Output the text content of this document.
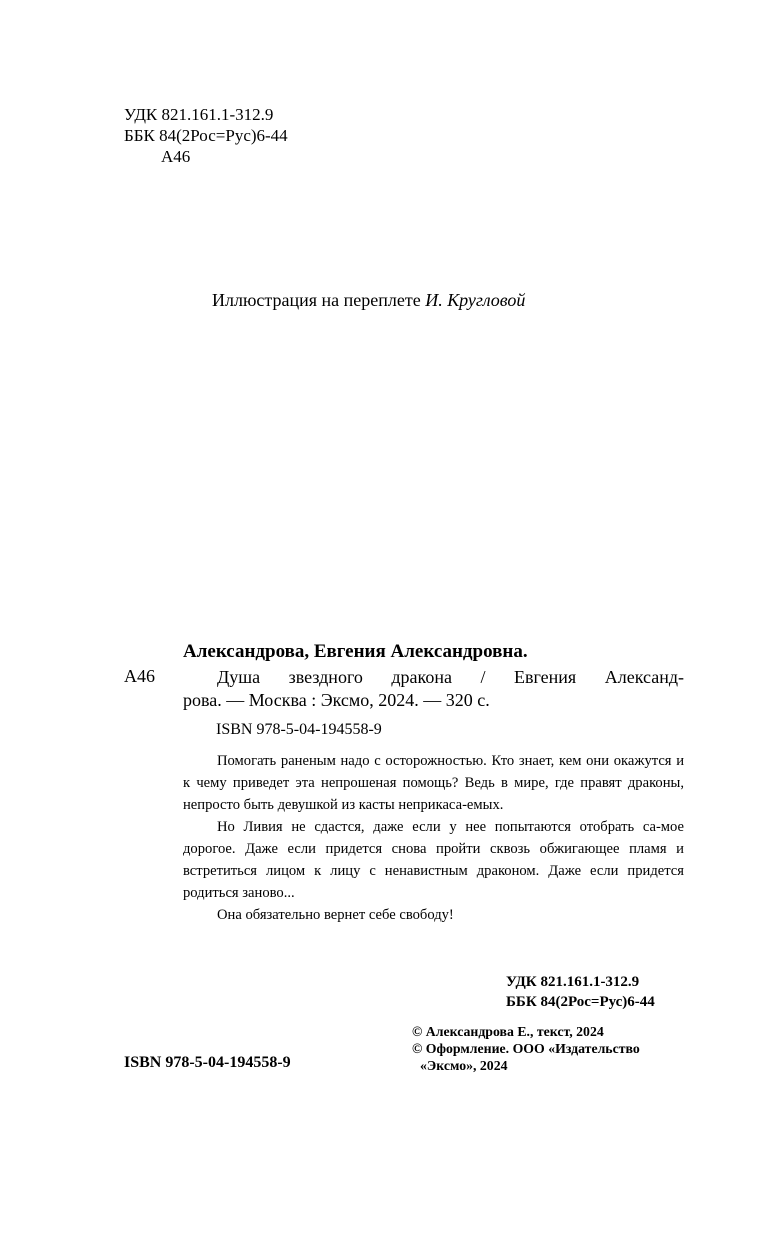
УДК 821.161.1-312.9
ББК 84(2Рос=Рус)6-44
А46
Иллюстрация на переплете И. Кругловой
Александрова, Евгения Александровна.
А46	Душа звездного дракона / Евгения Александ-
рова. — Москва : Эксмо, 2024. — 320 с.
ISBN 978-5-04-194558-9

Помогать раненым надо с осторожностью. Кто знает, кем они окажутся и к чему приведет эта непрошеная помощь? Ведь в мире, где правят драконы, непросто быть девушкой из касты неприкаса-емых.

Но Ливия не сдастся, даже если у нее попытаются отобрать са-мое дорогое. Даже если придется снова пройти сквозь обжигающее пламя и встретиться лицом к лицу с ненавистным драконом. Даже если придется родиться заново...

Она обязательно вернет себе свободу!

УДК 821.161.1-312.9
ББК 84(2Рос=Рус)6-44
© Александрова Е., текст, 2024
© Оформление. ООО «Издательство
«Эксмо», 2024
ISBN 978-5-04-194558-9
